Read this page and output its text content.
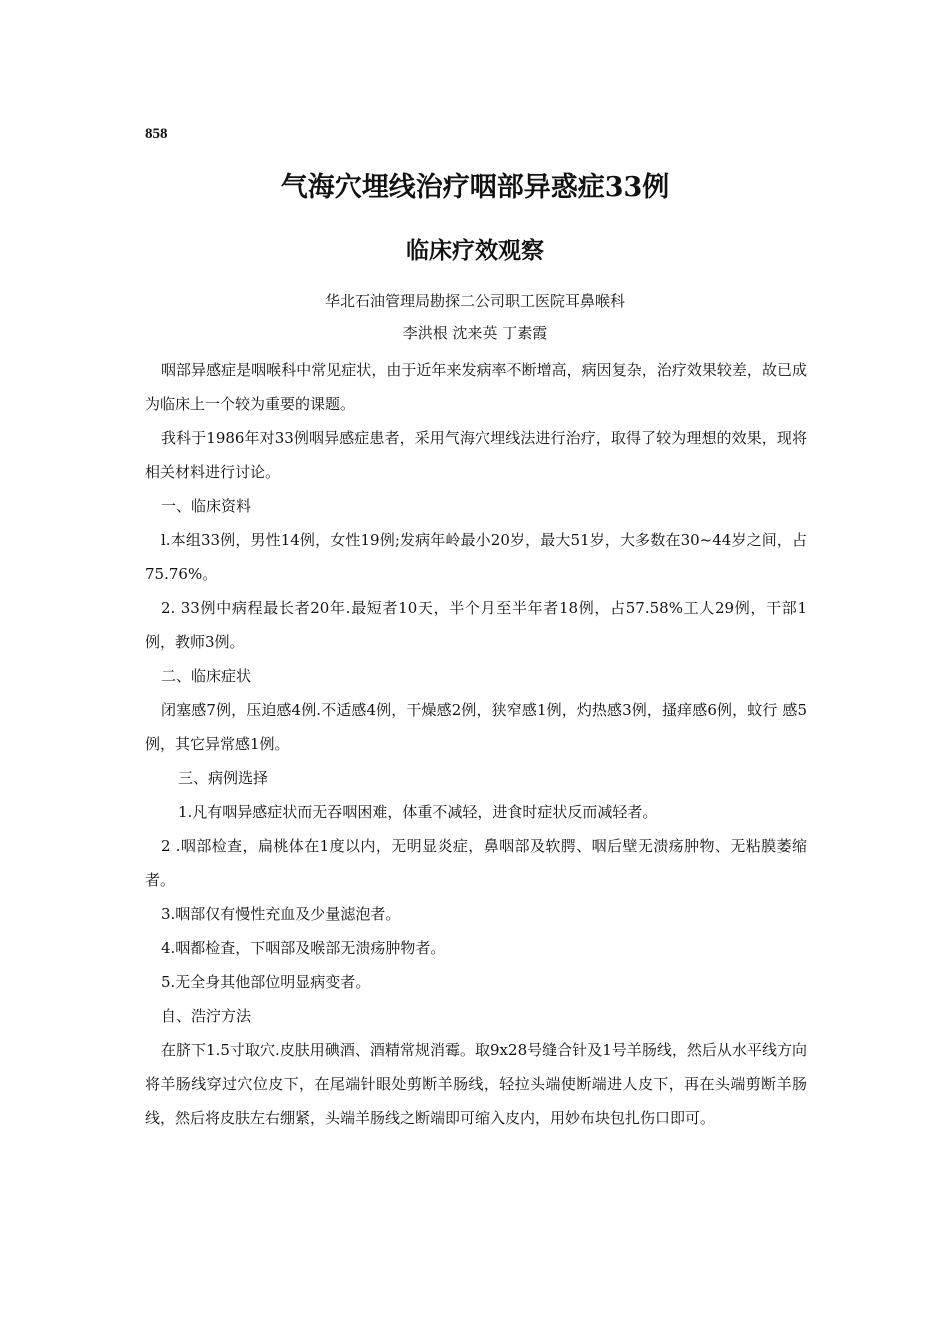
858
气海穴埋线治疗咽部异惑症33例
临床疗效观察

华北石油管理局勘探二公司职工医院耳鼻喉科

李洪根 沈来英 丁素霞

咽部异感症是咽喉科中常见症状，由于近年来发病率不断增高，病因复杂，治疗效果较差，故已成为临床上一个较为重要的课题。

我科于1986年对33例咽异感症患者，采用气海穴埋线法进行治疗，取得了较为理想的效果，现将相关材料进行讨论。

一、临床资料

l.本组33例，男性14例，女性19例;发病年岭最小20岁，最大51岁，大多数在30~44岁之间，占75.76%。

2. 33例中病程最长者20年.最短者10天，半个月至半年者18例，占57.58%工人29例，干部1例，教师3例。

二、临床症状

闭塞感7例，压迫感4例.不适感4例，干燥感2例，狭窄感1例，灼热感3例，搔痒感6例，蚊行 感5例，其它异常感1例。

三、病例选择

1.凡有咽异感症状而无吞咽困难，体重不减轻，进食时症状反而减轻者。

2 .咽部检查，扁桃体在1度以内，无明显炎症，鼻咽部及软腭、咽后壁无溃疡肿物、无粘膜萎缩者。

3.咽部仅有慢性充血及少量滤泡者。

4.咽都检査，下咽部及喉部无溃疡肿物者。

5.无全身其他部位明显病变者。

自、浩泞方法

在脐下1.5寸取穴.皮肤用碘酒、酒精常规消霉。取9x28号缝合针及1号羊肠线，然后从水平线方向将羊肠线穿过穴位皮下，在尾端针眼处剪断羊肠线，轻拉头端使断端进人皮下，再在头端剪断羊肠线，然后将皮肤左右绷紧，头端羊肠线之断端即可缩入皮内，用妙布块包扎伤口即可。
